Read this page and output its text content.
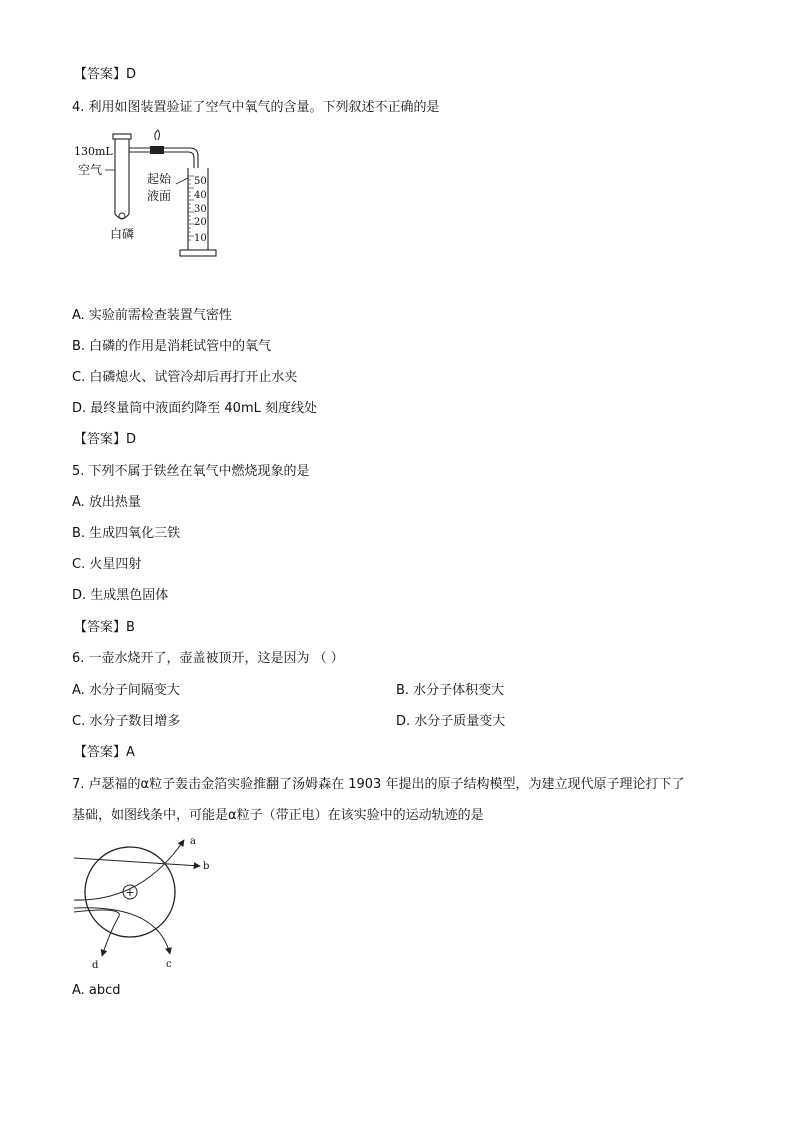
【答案】D
4. 利用如图装置验证了空气中氧气的含量。下列叙述不正确的是
130mL
空气
白磷
起始
液面
50
40
30
20
10
A. 实验前需检查装置气密性
B. 白磷的作用是消耗试管中的氧气
C. 白磷熄火、试管冷却后再打开止水夹
D. 最终量筒中液面约降至 40mL 刻度线处
【答案】D
5. 下列不属于铁丝在氧气中燃烧现象的是
A. 放出热量
B. 生成四氧化三铁
C. 火星四射
D. 生成黑色固体
【答案】B
6. 一壶水烧开了，壶盖被顶开，这是因为 （ ）
A. 水分子间隔变大	B. 水分子体积变大
C. 水分子数目增多	D. 水分子质量变大
【答案】A
7. 卢瑟福的α粒子轰击金箔实验推翻了汤姆森在 1903 年提出的原子结构模型，为建立现代原子理论打下了
基础，如图线条中，可能是α粒子（带正电）在该实验中的运动轨迹的是
+
a
b
c
d
A. abcd
